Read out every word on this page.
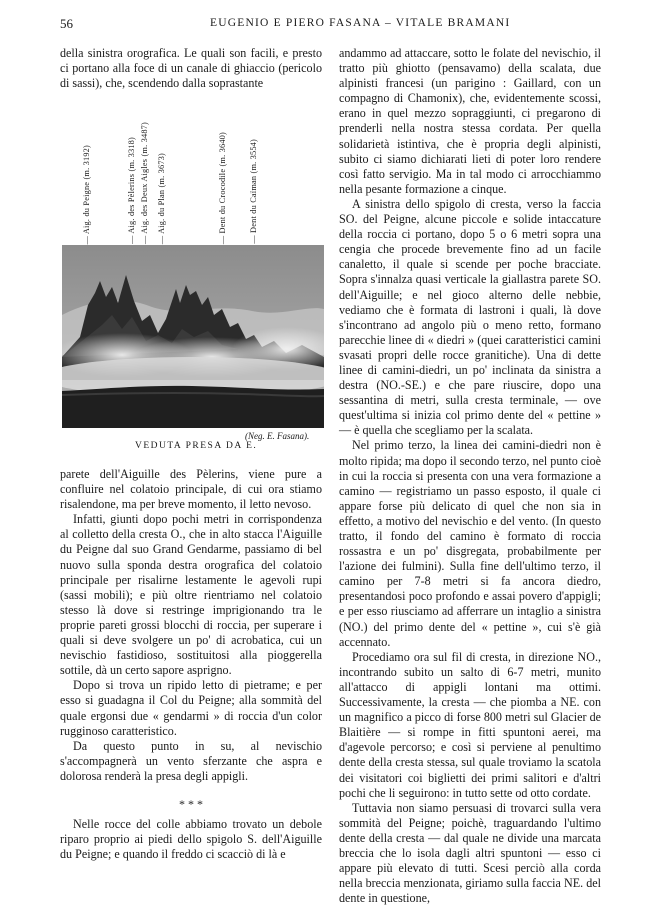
56	EUGENIO E PIERO FASANA – VITALE BRAMANI

della sinistra orografica. Le quali son facili, e presto ci portano alla foce di un canale di ghiaccio (pericolo di sassi), che, scendendo dalla soprastante

— Aig. du Peigne (m. 3192)	— Aig. des Pèlerins (m. 3318) — Aig. des Deux Aigles (m. 3487) — Aig. du Plan (m. 3673)	— Dent du Crocodile (m. 3640)	— Dent du Caïman (m. 3554)
(Neg. E. Fasana).
VEDUTA PRESA DA E.

parete dell'Aiguille des Pèlerins, viene pure a confluire nel colatoio principale, di cui ora stiamo risalendone, ma per breve momento, il letto nevoso.

Infatti, giunti dopo pochi metri in corrispondenza al colletto della cresta O., che in alto stacca l'Aiguille du Peigne dal suo Grand Gendarme, passiamo di bel nuovo sulla sponda destra orografica del colatoio principale per risalirne lestamente le agevoli rupi (sassi mobili); e più oltre rientriamo nel colatoio stesso là dove si restringe imprigionando tra le proprie pareti grossi blocchi di roccia, per superare i quali si deve svolgere un po' di acrobatica, cui un nevischio fastidioso, sostituitosi alla pioggerella sottile, dà un certo sapore asprigno.

Dopo si trova un ripido letto di pietrame; e per esso si guadagna il Col du Peigne; alla sommità del quale ergonsi due « gendarmi » di roccia d'un color rugginoso caratteristico.

Da questo punto in su, al nevischio s'accompagnerà un vento sferzante che aspra e dolorosa renderà la presa degli appigli.

* * *

Nelle rocce del colle abbiamo trovato un debole riparo proprio ai piedi dello spigolo S. dell'Aiguille du Peigne; e quando il freddo ci scacciò di là e

andammo ad attaccare, sotto le folate del nevischio, il tratto più ghiotto (pensavamo) della scalata, due alpinisti francesi (un parigino : Gaillard, con un compagno di Chamonix), che, evidentemente scossi, erano in quel mezzo sopraggiunti, ci pregarono di prenderli nella nostra stessa cordata. Per quella solidarietà istintiva, che è propria degli alpinisti, subito ci siamo dichiarati lieti di poter loro rendere così fatto servigio. Ma in tal modo ci arrocchiammo nella pesante formazione a cinque.

A sinistra dello spigolo di cresta, verso la faccia SO. del Peigne, alcune piccole e solide intaccature della roccia ci portano, dopo 5 o 6 metri sopra una cengia che procede brevemente fino ad un facile canaletto, il quale si scende per poche bracciate. Sopra s'innalza quasi verticale la giallastra parete SO. dell'Aiguille; e nel gioco alterno delle nebbie, vediamo che è formata di lastroni i quali, là dove s'incontrano ad angolo più o meno retto, formano parecchie linee di « diedri » (quei caratteristici camini svasati propri delle rocce granitiche). Una di dette linee di camini-diedri, un po' inclinata da sinistra a destra (NO.-SE.) e che pare riuscire, dopo una sessantina di metri, sulla cresta terminale, — ove quest'ultima si inizia col primo dente del « pettine » — è quella che scegliamo per la scalata.

Nel primo terzo, la linea dei camini-diedri non è molto ripida; ma dopo il secondo terzo, nel punto cioè in cui la roccia si presenta con una vera formazione a camino — registriamo un passo esposto, il quale ci appare forse più delicato di quel che non sia in effetto, a motivo del nevischio e del vento. (In questo tratto, il fondo del camino è formato di roccia rossastra e un po' disgregata, probabilmente per l'azione dei fulmini). Sulla fine dell'ultimo terzo, il camino per 7-8 metri si fa ancora diedro, presentandosi poco profondo e assai povero d'appigli; e per esso riusciamo ad afferrare un intaglio a sinistra (NO.) del primo dente del « pettine », cui s'è già accennato.

Procediamo ora sul fil di cresta, in direzione NO., incontrando subito un salto di 6-7 metri, munito all'attacco di appigli lontani ma ottimi. Successivamente, la cresta — che piomba a NE. con un magnifico a picco di forse 800 metri sul Glacier de Blaitière — si rompe in fitti spuntoni aerei, ma d'agevole percorso; e così si perviene al penultimo dente della cresta stessa, sul quale troviamo la scatola dei visitatori coi biglietti dei primi salitori e d'altri pochi che li seguirono: in tutto sette od otto cordate.

Tuttavia non siamo persuasi di trovarci sulla vera sommità del Peigne; poichè, traguardando l'ultimo dente della cresta — dal quale ne divide una marcata breccia che lo isola dagli altri spuntoni — esso ci appare più elevato di tutti. Scesi perciò alla corda nella breccia menzionata, giriamo sulla faccia NE. del dente in questione,
